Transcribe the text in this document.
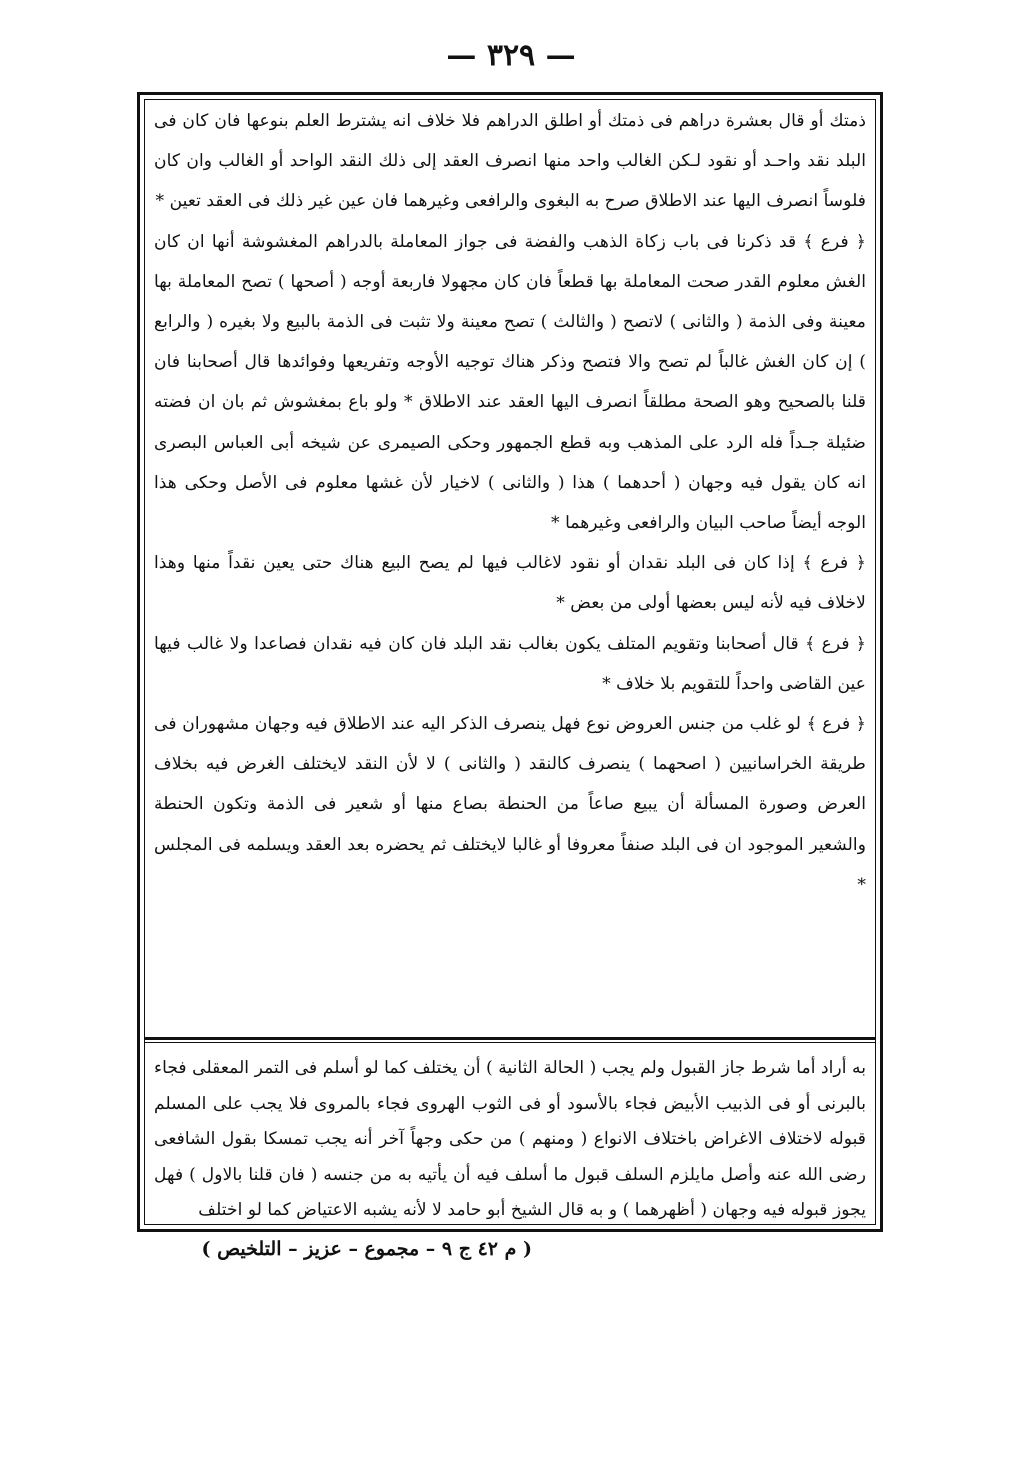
— ٣٢٩ —

ذمتك أو قال بعشرة دراهم فى ذمتك أو اطلق الدراهم فلا خلاف انه يشترط العلم بنوعها فان كان فى البلد نقد واحـد أو نقود لـكن الغالب واحد منها انصرف العقد إلى ذلك النقد الواحد أو الغالب وان كان فلوساً انصرف اليها عند الاطلاق صرح به البغوى والرافعى وغيرهما فان عين غير ذلك فى العقد تعين *

﴿ فرع ﴾ قد ذكرنا فى باب زكاة الذهب والفضة فى جواز المعاملة بالدراهم المغشوشة أنها ان كان الغش معلوم القدر صحت المعاملة بها قطعاً فان كان مجهولا فاربعة أوجه ( أصحها ) تصح المعاملة بها معينة وفى الذمة ( والثانى ) لاتصح ( والثالث ) تصح معينة ولا تثبت فى الذمة بالبيع ولا بغيره ( والرابع ) إن كان الغش غالباً لم تصح والا فتصح وذكر هناك توجيه الأوجه وتفريعها وفوائدها قال أصحابنا فان قلنا بالصحيح وهو الصحة مطلقاً انصرف اليها العقد عند الاطلاق * ولو باع بمغشوش ثم بان ان فضته ضئيلة جـداً فله الرد على المذهب وبه قطع الجمهور وحكى الصيمرى عن شيخه أبى العباس البصرى انه كان يقول فيه وجهان ( أحدهما ) هذا ( والثانى ) لاخيار لأن غشها معلوم فى الأصل وحكى هذا الوجه أيضاً صاحب البيان والرافعى وغيرهما *

﴿ فرع ﴾ إذا كان فى البلد نقدان أو نقود لاغالب فيها لم يصح البيع هناك حتى يعين نقداً منها وهذا لاخلاف فيه لأنه ليس بعضها أولى من بعض *

﴿ فرع ﴾ قال أصحابنا وتقويم المتلف يكون بغالب نقد البلد فان كان فيه نقدان فصاعدا ولا غالب فيها عين القاضى واحداً للتقويم بلا خلاف *

﴿ فرع ﴾ لو غلب من جنس العروض نوع فهل ينصرف الذكر اليه عند الاطلاق فيه وجهان مشهوران فى طريقة الخراسانيين ( اصحهما ) ينصرف كالنقد ( والثانى ) لا لأن النقد لايختلف الغرض فيه بخلاف العرض وصورة المسألة أن يبيع صاعاً من الحنطة بصاع منها أو شعير فى الذمة وتكون الحنطة والشعير الموجود ان فى البلد صنفاً معروفا أو غالبا لايختلف ثم يحضره بعد العقد ويسلمه فى المجلس *

به أراد أما شرط جاز القبول ولم يجب ( الحالة الثانية ) أن يختلف كما لو أسلم فى التمر المعقلى فجاء بالبرنى أو فى الذبيب الأبيض فجاء بالأسود أو فى الثوب الهروى فجاء بالمروى فلا يجب على المسلم قبوله لاختلاف الاغراض باختلاف الانواع ( ومنهم ) من حكى وجهاً آخر أنه يجب تمسكا بقول الشافعى رضى الله عنه وأصل مايلزم السلف قبول ما أسلف فيه أن يأتيه به من جنسه ( فان قلنا بالاول ) فهل يجوز قبوله فيه وجهان ( أظهرهما ) و به قال الشيخ أبو حامد لا لأنه يشبه الاعتياض كما لو اختلف

( م ٤٢ ج ٩ – مجموع – عزيز – التلخيص )
